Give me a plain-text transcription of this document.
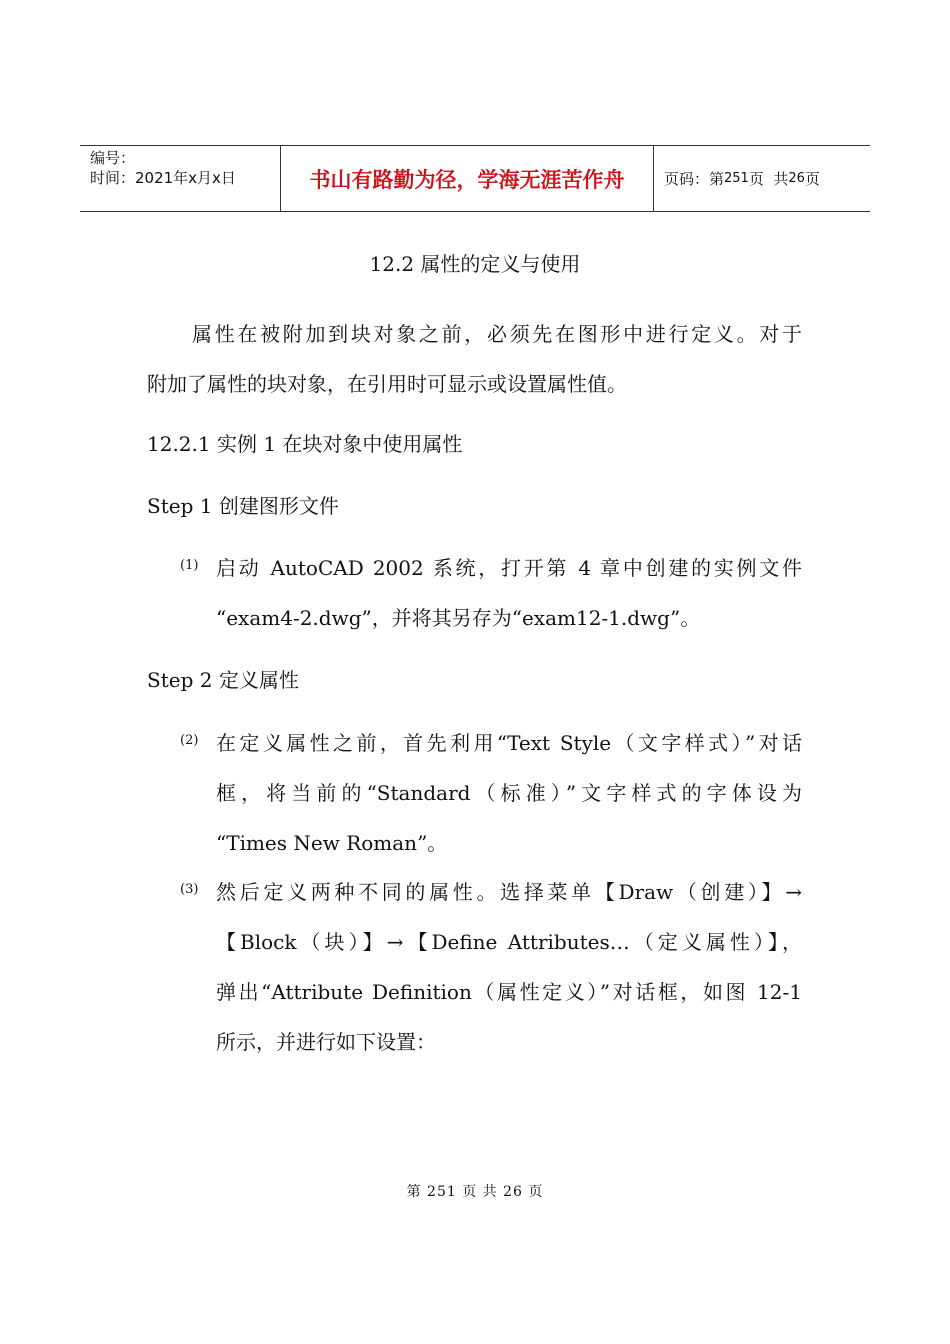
编号：
时间：2021年x月x日	书山有路勤为径，学海无涯苦作舟	页码：第 251 页  共 26 页
12.2 属性的定义与使用
属性在被附加到块对象之前，必须先在图形中进行定义。对于
附加了属性的块对象，在引用时可显示或设置属性值。
12.2.1 实例 1 在块对象中使用属性
Step 1 创建图形文件
(1) 启动 AutoCAD 2002 系统，打开第 4 章中创建的实例文件
“exam4-2.dwg”，并将其另存为“exam12-1.dwg”。
Step 2 定义属性
(2) 在定义属性之前，首先利用“Text Style（文字样式）”对话
框，将当前的“Standard（标准）”文字样式的字体设为
“Times New Roman”。
(3) 然后定义两种不同的属性。选择菜单【Draw（创建）】→
【Block（块）】→【Define Attributes…（定义属性）】，
弹出“Attribute Definition（属性定义）”对话框，如图 12-1
所示，并进行如下设置：
第 251 页 共 26 页
